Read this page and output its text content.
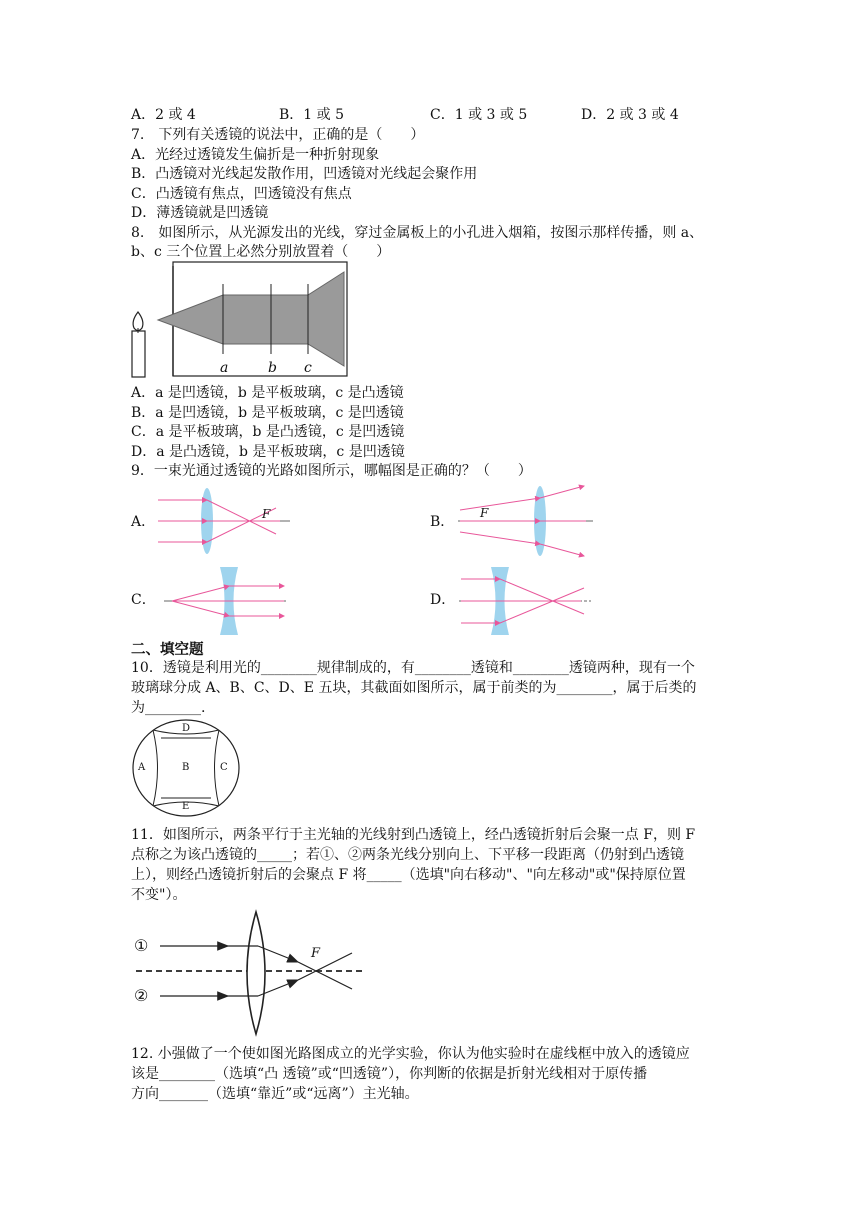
A．2 或 4	B．1 或 5	C．1 或 3 或 5	D．2 或 3 或 4
7.　下列有关透镜的说法中，正确的是（　　）
A．光经过透镜发生偏折是一种折射现象
B．凸透镜对光线起发散作用，凹透镜对光线起会聚作用
C．凸透镜有焦点，凹透镜没有焦点
D．薄透镜就是凹透镜
8.　如图所示，从光源发出的光线，穿过金属板上的小孔进入烟箱，按图示那样传播，则 a、
b、c 三个位置上必然分别放置着（　　）
a	b c
A．a 是凹透镜，b 是平板玻璃，c 是凸透镜
B．a 是凹透镜，b 是平板玻璃，c 是凹透镜
C．a 是平板玻璃，b 是凸透镜，c 是凹透镜
D．a 是凸透镜，b 是平板玻璃，c 是凹透镜
9．一束光通过透镜的光路如图所示，哪幅图是正确的？（　　）
A．	F	B．
F
C．	D．
二、填空题
10．透镜是利用光的________规律制成的，有________透镜和________透镜两种，现有一个
玻璃球分成 A、B、C、D、E 五块，其截面如图所示，属于前类的为________，属于后类的
为________.
A	B	C
D
E
11．如图所示，两条平行于主光轴的光线射到凸透镜上，经凸透镜折射后会聚一点 F，则 F
点称之为该凸透镜的_____；若①、②两条光线分别向上、下平移一段距离（仍射到凸透镜
上），则经凸透镜折射后的会聚点 F 将_____（选填"向右移动"、"向左移动"或"保持原位置
不变"）。
①
②
F
12. 小强做了一个使如图光路图成立的光学实验，你认为他实验时在虚线框中放入的透镜应
该是________（选填“凸 透镜”或“凹透镜”），你判断的依据是折射光线相对于原传播
方向_______（选填“靠近”或“远离”）主光轴。
